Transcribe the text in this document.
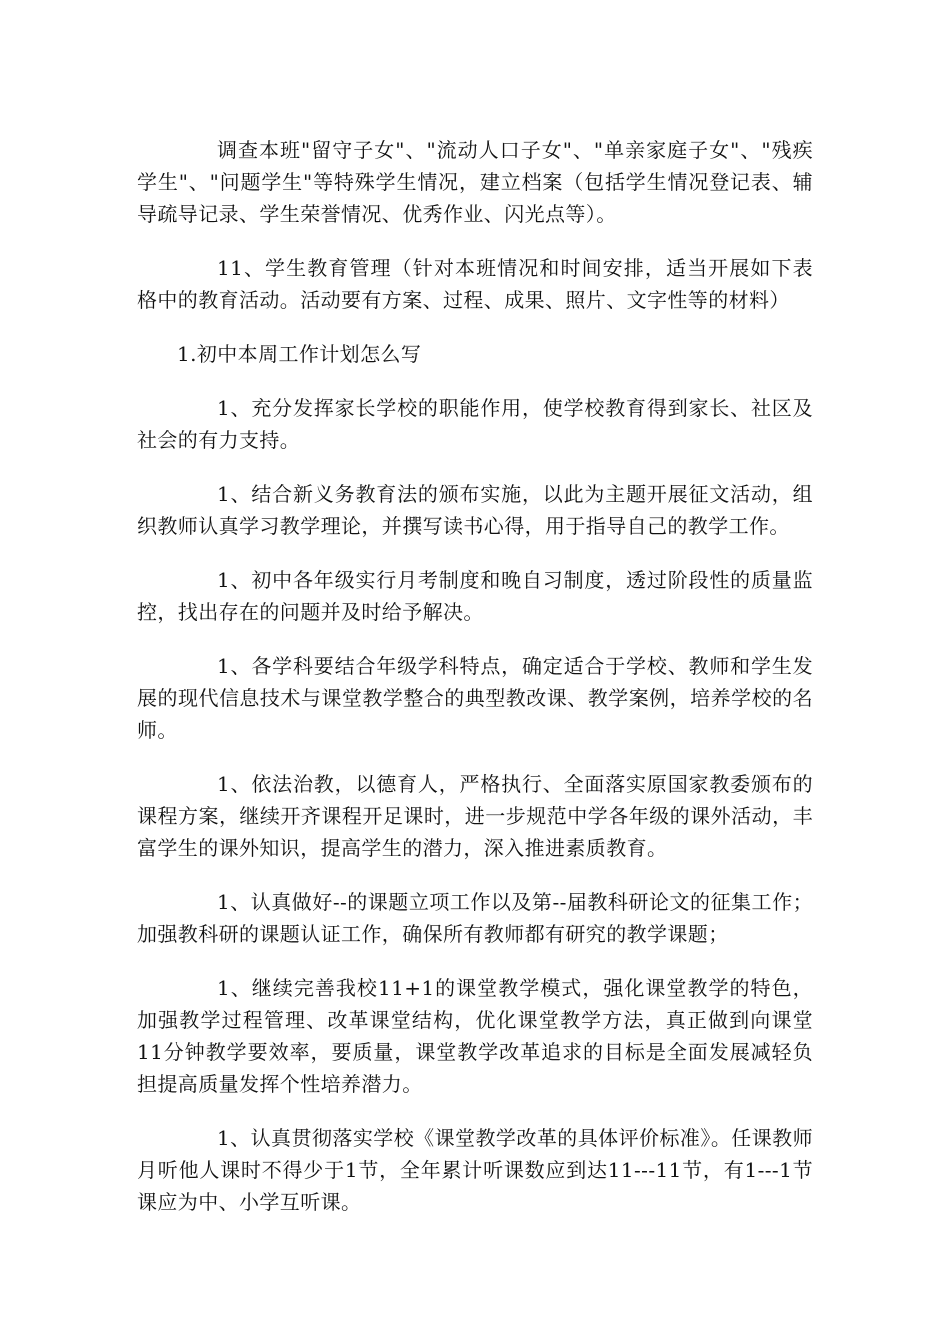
调查本班"留守子女"、"流动人口子女"、"单亲家庭子女"、"残疾学生"、"问题学生"等特殊学生情况，建立档案（包括学生情况登记表、辅导疏导记录、学生荣誉情况、优秀作业、闪光点等）。

11、学生教育管理（针对本班情况和时间安排，适当开展如下表格中的教育活动。活动要有方案、过程、成果、照片、文字性等的材料）

1.初中本周工作计划怎么写

1、充分发挥家长学校的职能作用，使学校教育得到家长、社区及社会的有力支持。

1、结合新义务教育法的颁布实施，以此为主题开展征文活动，组织教师认真学习教学理论，并撰写读书心得，用于指导自己的教学工作。

1、初中各年级实行月考制度和晚自习制度，透过阶段性的质量监控，找出存在的问题并及时给予解决。

1、各学科要结合年级学科特点，确定适合于学校、教师和学生发展的现代信息技术与课堂教学整合的典型教改课、教学案例，培养学校的名师。

1、依法治教，以德育人，严格执行、全面落实原国家教委颁布的课程方案，继续开齐课程开足课时，进一步规范中学各年级的课外活动，丰富学生的课外知识，提高学生的潜力，深入推进素质教育。

1、认真做好--的课题立项工作以及第--届教科研论文的征集工作；加强教科研的课题认证工作，确保所有教师都有研究的教学课题；

1、继续完善我校11+1的课堂教学模式，强化课堂教学的特色，加强教学过程管理、改革课堂结构，优化课堂教学方法，真正做到向课堂11分钟教学要效率，要质量，课堂教学改革追求的目标是全面发展减轻负担提高质量发挥个性培养潜力。

1、认真贯彻落实学校《课堂教学改革的具体评价标准》。任课教师月听他人课时不得少于1节，全年累计听课数应到达11---11节，有1---1节课应为中、小学互听课。
